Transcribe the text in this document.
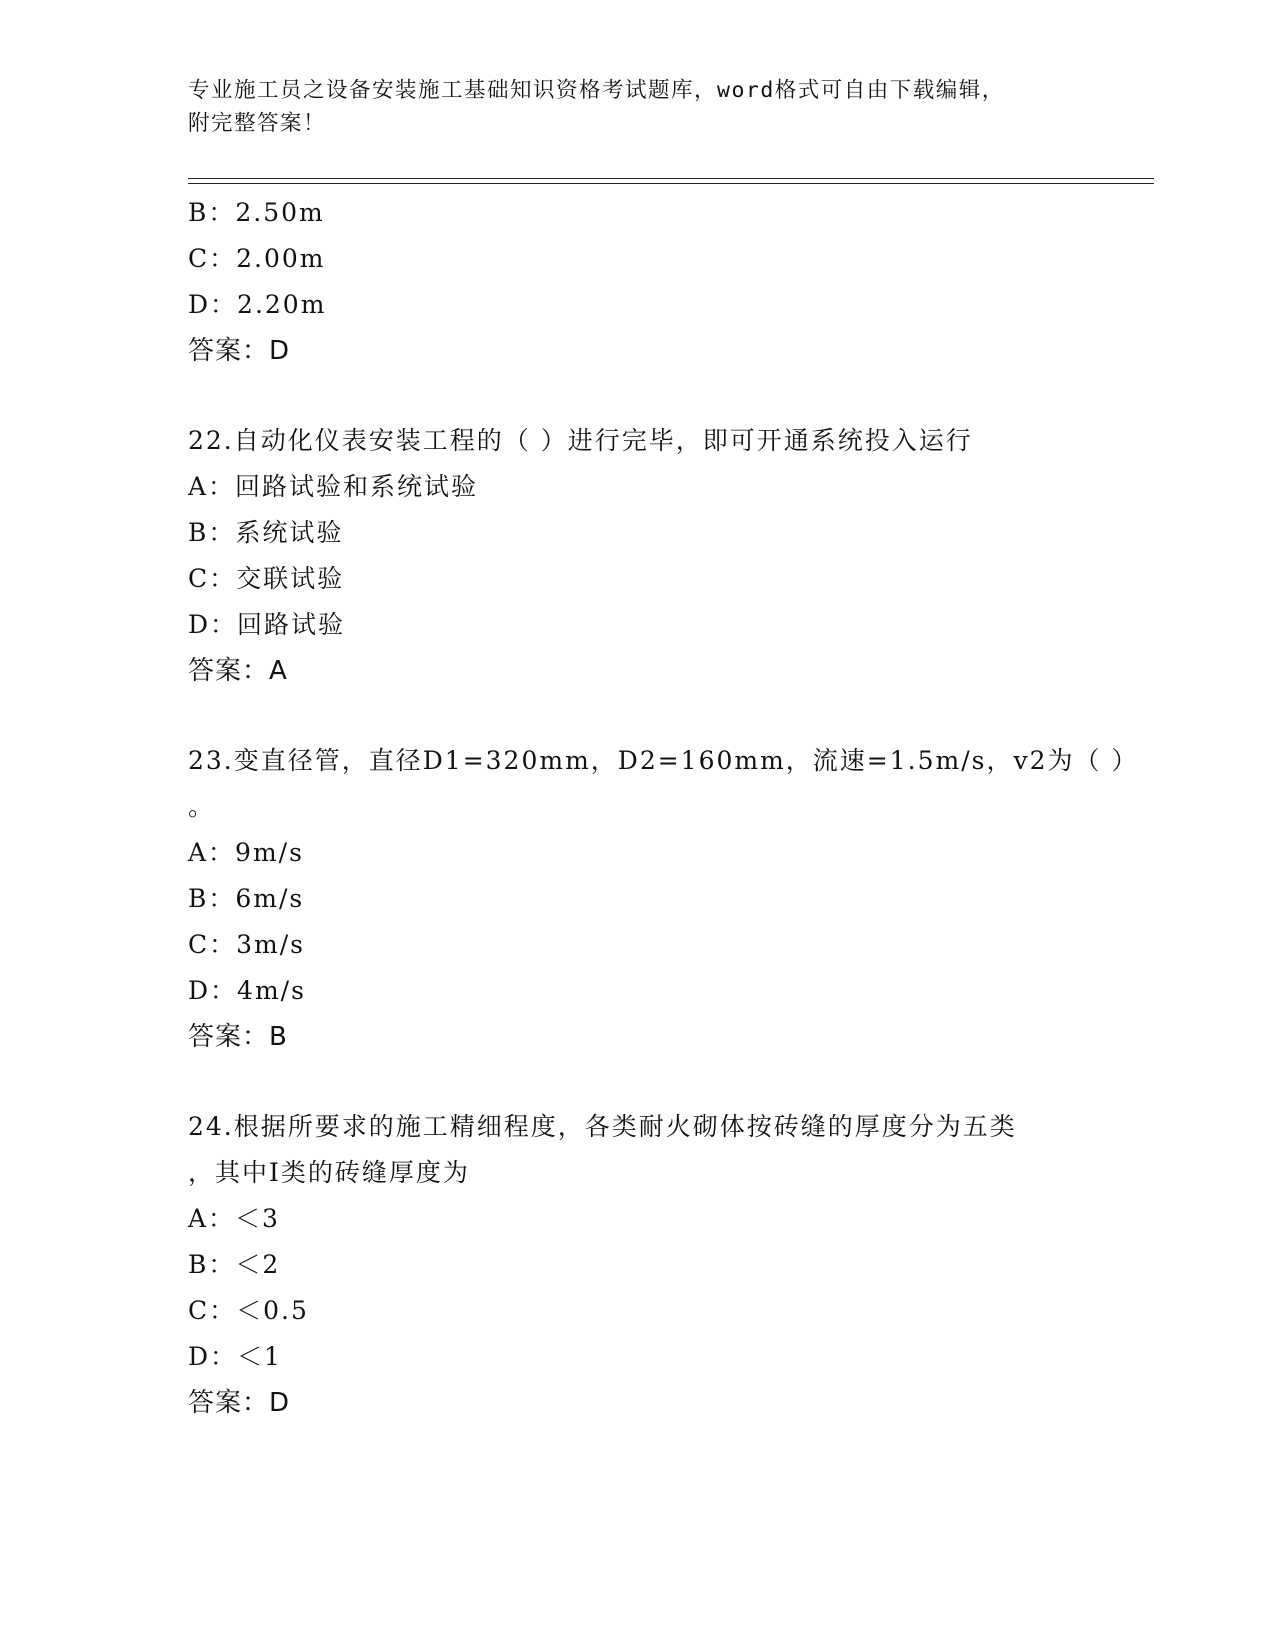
专业施工员之设备安装施工基础知识资格考试题库，word格式可自由下载编辑，
附完整答案！
B：2.50m
C：2.00m
D：2.20m
答案：D
22.自动化仪表安装工程的（ ）进行完毕，即可开通系统投入运行
A：回路试验和系统试验
B：系统试验
C：交联试验
D：回路试验
答案：A
23.变直径管，直径D1=320mm，D2=160mm，流速=1.5m/s，v2为（ ）
。
A：9m/s
B：6m/s
C：3m/s
D：4m/s
答案：B
24.根据所要求的施工精细程度，各类耐火砌体按砖缝的厚度分为五类
，其中I类的砖缝厚度为
A：＜3
B：＜2
C：＜0.5
D：＜1
答案：D
